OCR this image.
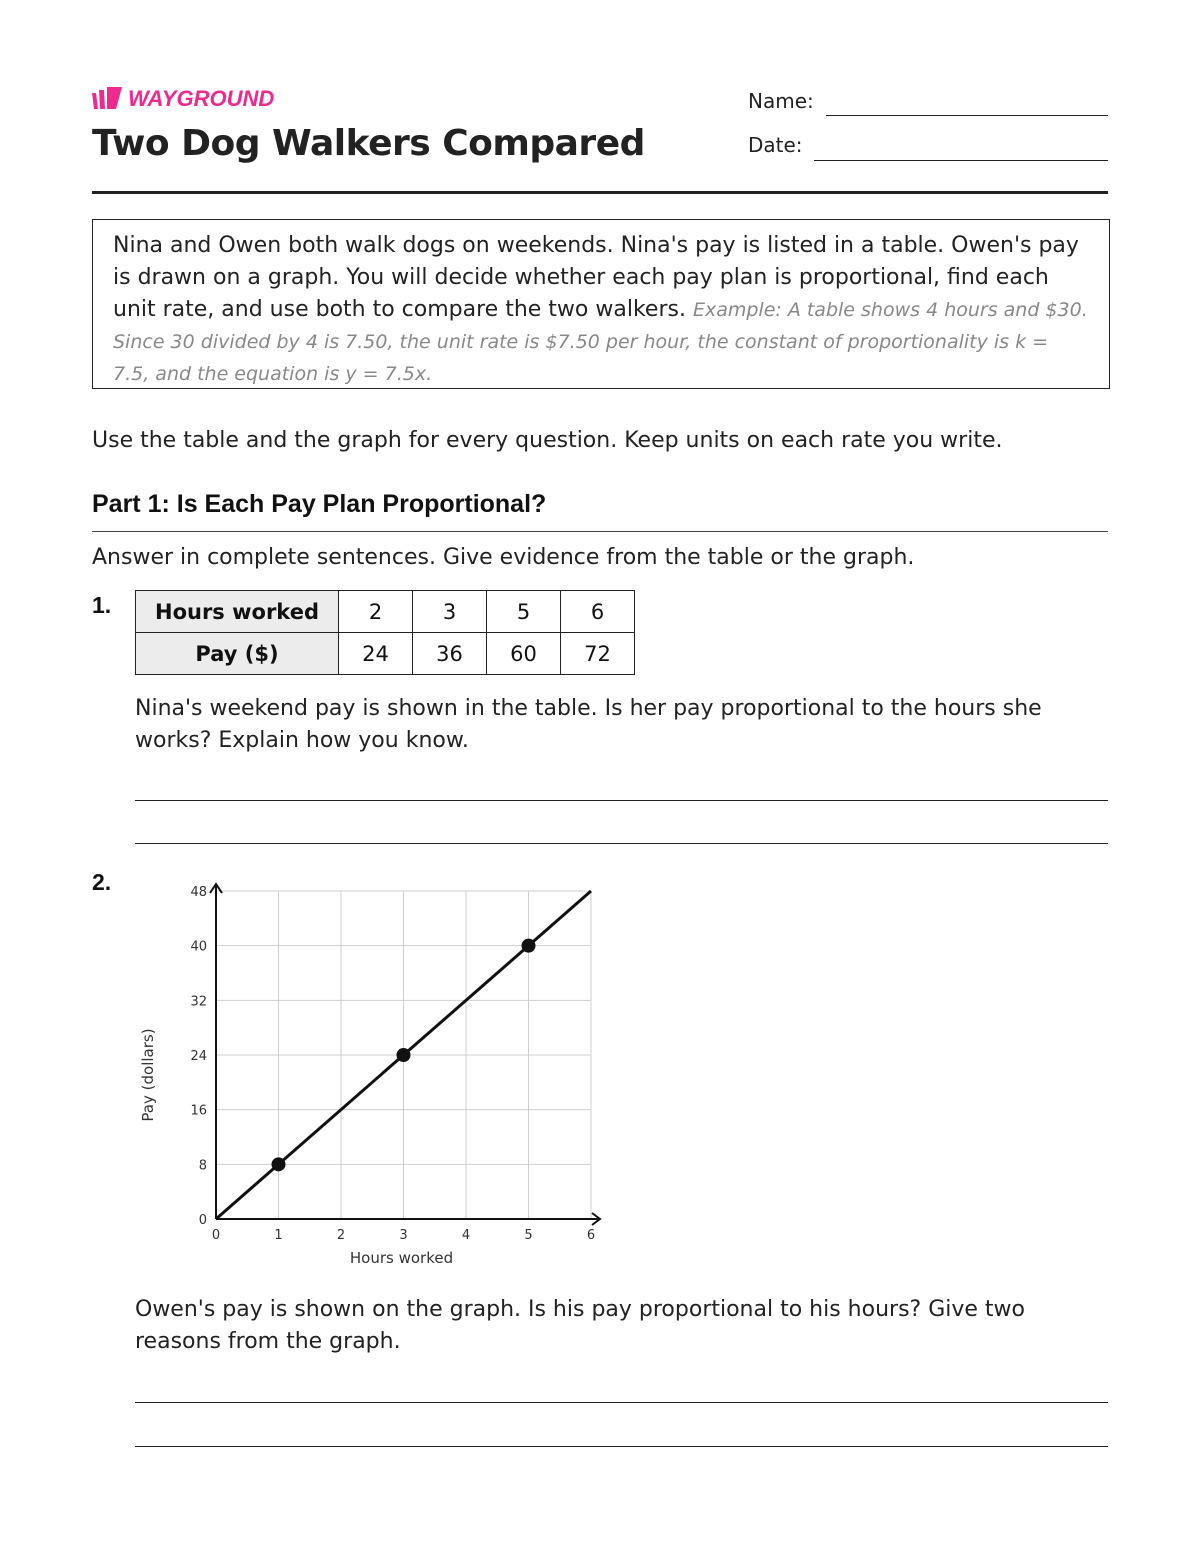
WAYGROUND
Two Dog Walkers Compared
Name:
Date:
Nina and Owen both walk dogs on weekends. Nina's pay is listed in a table. Owen's pay is drawn on a graph. You will decide whether each pay plan is proportional, find each unit rate, and use both to compare the two walkers. Example: A table shows 4 hours and $30. Since 30 divided by 4 is 7.50, the unit rate is $7.50 per hour, the constant of proportionality is k = 7.5, and the equation is y = 7.5x.
Use the table and the graph for every question. Keep units on each rate you write.
Part 1: Is Each Pay Plan Proportional?
Answer in complete sentences. Give evidence from the table or the graph.
1. Hours worked	2	3	5	6
Pay ($)	24	36	60	72
Nina's weekend pay is shown in the table. Is her pay proportional to the hours she works? Explain how you know.
2.
0	1	2	3	4	5	6
0
8
16
24
32
40
48
Hours worked
Pay (dollars)
Owen's pay is shown on the graph. Is his pay proportional to his hours? Give two reasons from the graph.
